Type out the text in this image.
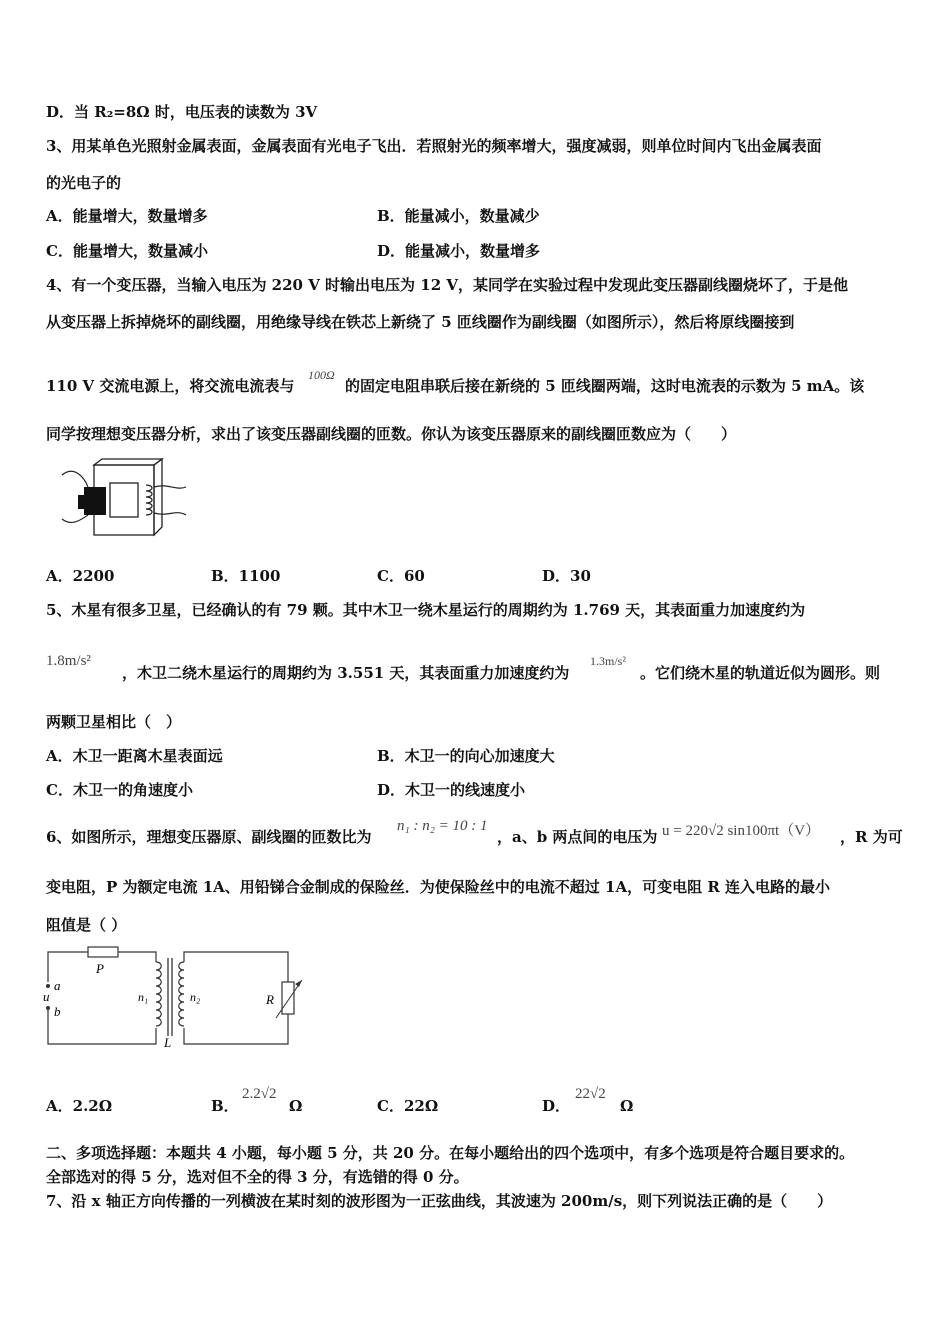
D．当 R₂=8Ω 时，电压表的读数为 3V
3、用某单色光照射金属表面，金属表面有光电子飞出．若照射光的频率增大，强度减弱，则单位时间内飞出金属表面
的光电子的
A．能量增大，数量增多	B．能量减小，数量减少
C．能量增大，数量减小	D．能量减小，数量增多
4、有一个变压器，当输入电压为 220 V 时输出电压为 12 V，某同学在实验过程中发现此变压器副线圈烧坏了，于是他
从变压器上拆掉烧坏的副线圈，用绝缘导线在铁芯上新绕了 5 匝线圈作为副线圈（如图所示），然后将原线圈接到
110 V 交流电源上，将交流电流表与
100Ω
的固定电阻串联后接在新绕的 5 匝线圈两端，这时电流表的示数为 5 mA。该
同学按理想变压器分析，求出了该变压器副线圈的匝数。你认为该变压器原来的副线圈匝数应为（　　）
A．2200	B．1100	C．60	D．30
5、木星有很多卫星，已经确认的有 79 颗。其中木卫一绕木星运行的周期约为 1.769 天，其表面重力加速度约为
1.8m/s²
，木卫二绕木星运行的周期约为 3.551 天，其表面重力加速度约为
1.3m/s²
。它们绕木星的轨道近似为圆形。则
两颗卫星相比（　）
A．木卫一距离木星表面远	B．木卫一的向心加速度大
C．木卫一的角速度小	D．木卫一的线速度小
6、如图所示，理想变压器原、副线圈的匝数比为
n₁ : n₂ = 10 : 1
，a、b 两点间的电压为 u = 220√2 sin100πt（V） ，R 为可
变电阻，P 为额定电流 1A、用铅锑合金制成的保险丝．为使保险丝中的电流不超过 1A，可变电阻 R 连入电路的最小
阻值是（ ）
P
a
u
b
n₁
L
n₂	R
A．2.2Ω	B．
2.2√2
Ω	C．22Ω	D．
22√2
Ω
二、多项选择题：本题共 4 小题，每小题 5 分，共 20 分。在每小题给出的四个选项中，有多个选项是符合题目要求的。
全部选对的得 5 分，选对但不全的得 3 分，有选错的得 0 分。
7、沿 x 轴正方向传播的一列横波在某时刻的波形图为一正弦曲线，其波速为 200m/s，则下列说法正确的是（　　）
